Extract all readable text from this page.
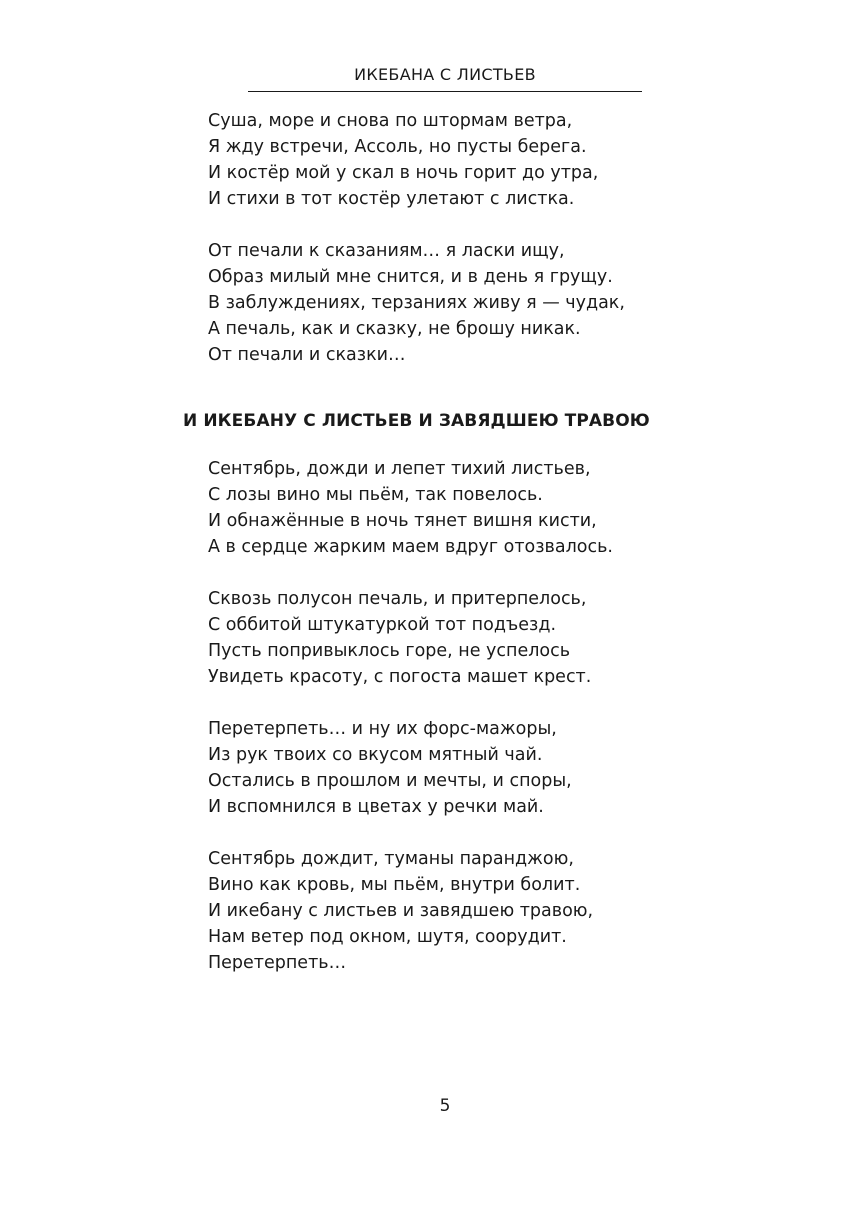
ИКЕБАНА С ЛИСТЬЕВ
Суша, море и снова по штормам ветра,
Я жду встречи, Ассоль, но пусты берега.
И костёр мой у скал в ночь горит до утра,
И стихи в тот костёр улетают с листка.
От печали к сказаниям… я ласки ищу,
Образ милый мне снится, и в день я грущу.
В заблуждениях, терзаниях живу я — чудак,
А печаль, как и сказку, не брошу никак.
От печали и сказки…
И ИКЕБАНУ С ЛИСТЬЕВ И ЗАВЯДШЕЮ ТРАВОЮ
Сентябрь, дожди и лепет тихий листьев,
С лозы вино мы пьём, так повелось.
И обнажённые в ночь тянет вишня кисти,
А в сердце жарким маем вдруг отозвалось.
Сквозь полусон печаль, и притерпелось,
С оббитой штукатуркой тот подъезд.
Пусть попривыклось горе, не успелось
Увидеть красоту, с погоста машет крест.
Перетерпеть… и ну их форс-мажоры,
Из рук твоих со вкусом мятный чай.
Остались в прошлом и мечты, и споры,
И вспомнился в цветах у речки май.
Сентябрь дождит, туманы паранджою,
Вино как кровь, мы пьём, внутри болит.
И икебану с листьев и завядшею травою,
Нам ветер под окном, шутя, соорудит.
Перетерпеть…
5
